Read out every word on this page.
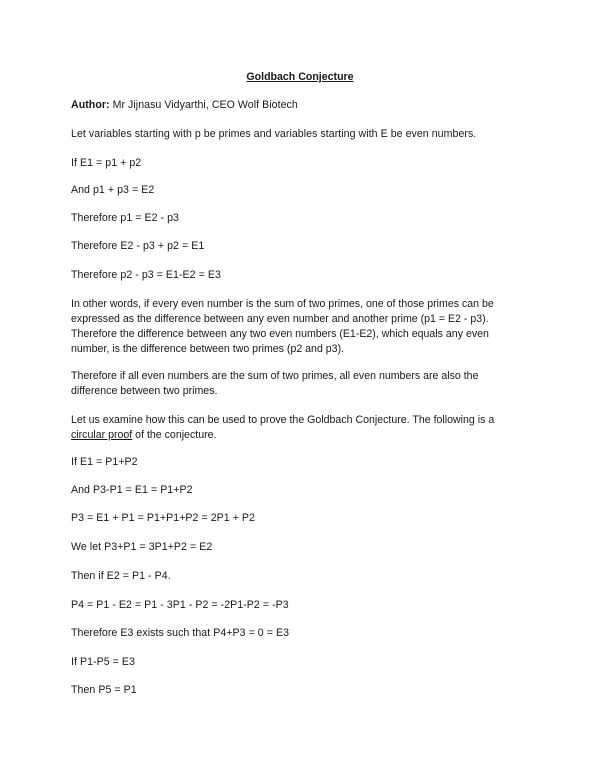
Goldbach Conjecture
Author: Mr Jijnasu Vidyarthi, CEO Wolf Biotech
Let variables starting with p be primes and variables starting with E be even numbers.
If E1 = p1 + p2
And p1 + p3 = E2
Therefore p1 = E2 - p3
Therefore E2 - p3 + p2 = E1
Therefore p2 - p3 = E1-E2 = E3
In other words, if every even number is the sum of two primes, one of those primes can be
expressed as the difference between any even number and another prime (p1 = E2 - p3).
Therefore the difference between any two even numbers (E1-E2), which equals any even
number, is the difference between two primes (p2 and p3).
Therefore if all even numbers are the sum of two primes, all even numbers are also the
difference between two primes.
Let us examine how this can be used to prove the Goldbach Conjecture. The following is a
circular proof of the conjecture.
If E1 = P1+P2
And P3-P1 = E1 = P1+P2
P3 = E1 + P1 = P1+P1+P2 = 2P1 + P2
We let P3+P1 = 3P1+P2 = E2
Then if E2 = P1 - P4.
P4 = P1 - E2 = P1 - 3P1 - P2 = -2P1-P2 = -P3
Therefore E3 exists such that P4+P3 = 0 = E3
If P1-P5 = E3
Then P5 = P1
